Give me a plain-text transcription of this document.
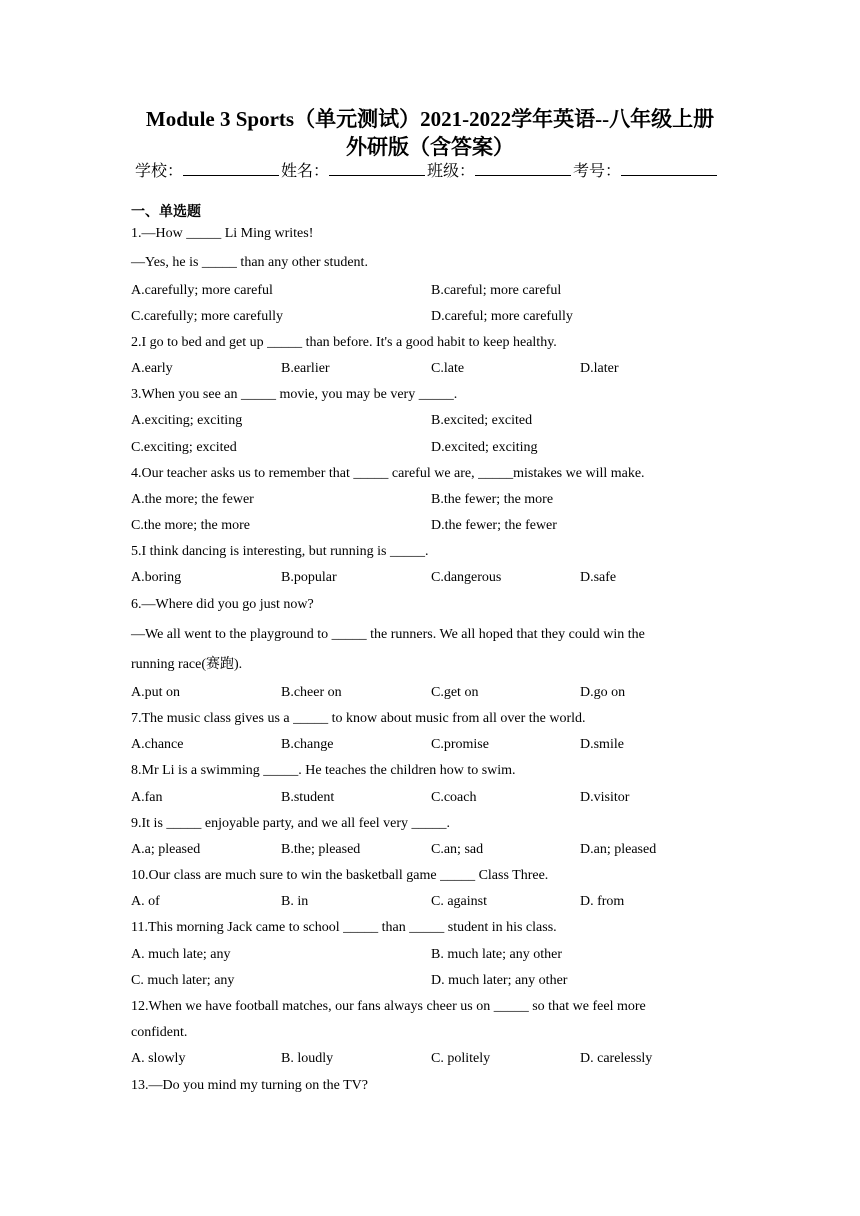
Module 3 Sports（单元测试）2021-2022学年英语--八年级上册
外研版（含答案）
学校：	姓名：	班级：	考号：
一、单选题
1.—How _____ Li Ming writes!
—Yes, he is _____ than any other student.
A.carefully; more careful	B.careful; more careful
C.carefully; more carefully	D.careful; more carefully
2.I go to bed and get up _____ than before. It's a good habit to keep healthy.
A.early	B.earlier	C.late	D.later
3.When you see an _____ movie, you may be very _____.
A.exciting; exciting	B.excited; excited
C.exciting; excited	D.excited; exciting
4.Our teacher asks us to remember that _____ careful we are, _____mistakes we will make.
A.the more; the fewer	B.the fewer; the more
C.the more; the more	D.the fewer; the fewer
5.I think dancing is interesting, but running is _____.
A.boring	B.popular	C.dangerous	D.safe
6.—Where did you go just now?
—We all went to the playground to _____ the runners. We all hoped that they could win the
running race(赛跑).
A.put on	B.cheer on	C.get on	D.go on
7.The music class gives us a _____ to know about music from all over the world.
A.chance	B.change	C.promise	D.smile
8.Mr Li is a swimming _____. He teaches the children how to swim.
A.fan	B.student	C.coach	D.visitor
9.It is _____ enjoyable party, and we all feel very _____.
A.a; pleased	B.the; pleased	C.an; sad	D.an; pleased
10.Our class are much sure to win the basketball game _____ Class Three.
A. of	B. in	C. against	D. from
11.This morning Jack came to school _____ than _____ student in his class.
A. much late; any	B. much late; any other
C. much later; any	D. much later; any other
12.When we have football matches, our fans always cheer us on _____ so that we feel more
confident.
A. slowly	B. loudly	C. politely	D. carelessly
13.—Do you mind my turning on the TV?
